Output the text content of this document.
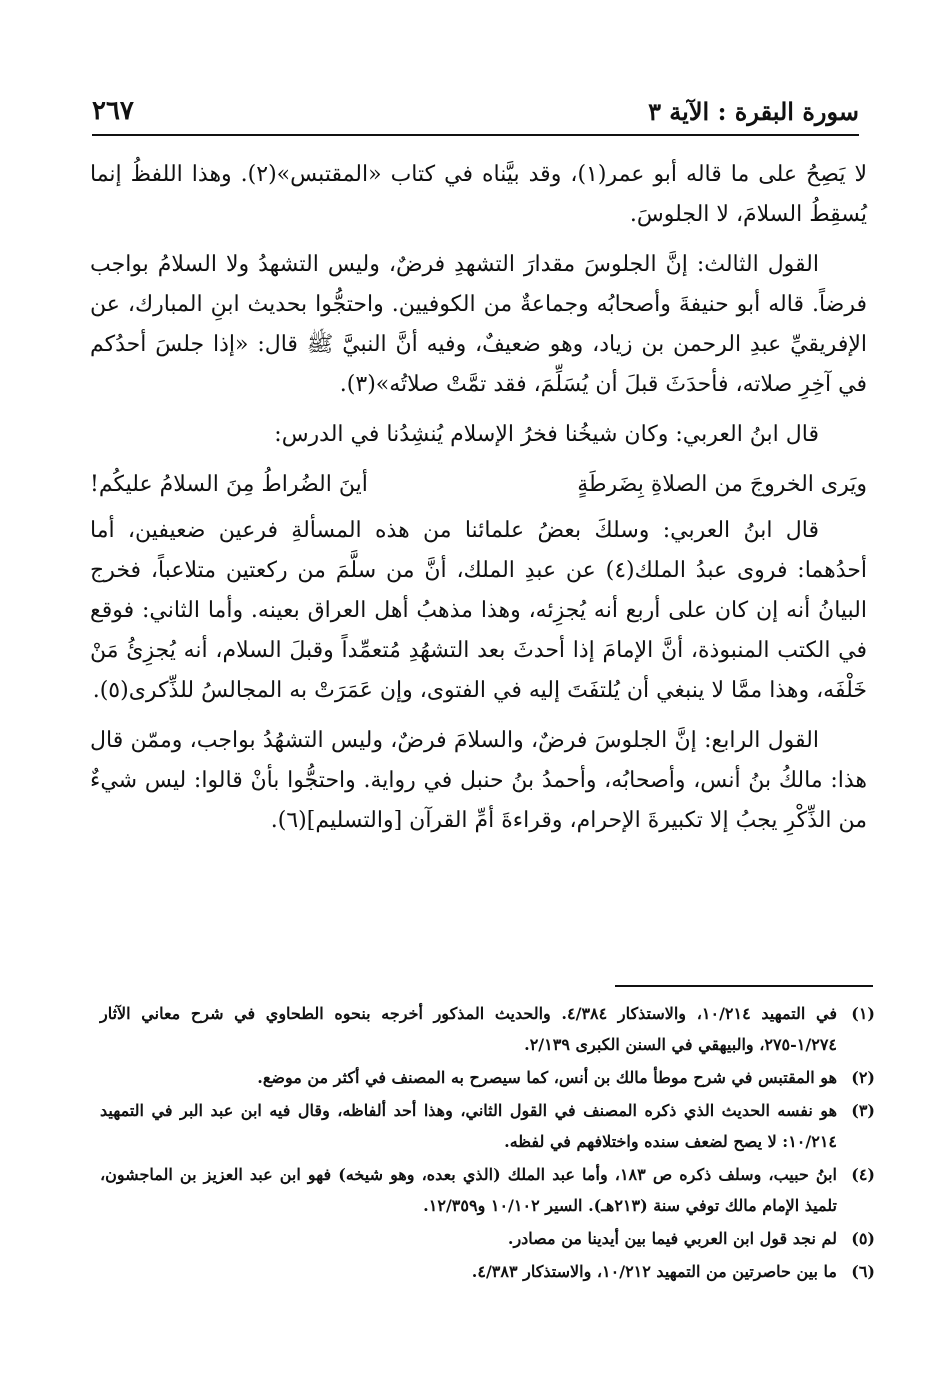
سورة البقرة : الآية ٣
٢٦٧

لا يَصِحُ على ما قاله أبو عمر(١)، وقد بيَّناه في كتاب «المقتبس»(٢). وهذا اللفظُ إنما يُسقِطُ السلامَ، لا الجلوسَ.

القول الثالث: إنَّ الجلوسَ مقدارَ التشهدِ فرضٌ، وليس التشهدُ ولا السلامُ بواجب فرضاً. قاله أبو حنيفةَ وأصحابُه وجماعةٌ من الكوفيين. واحتجُّوا بحديث ابنِ المبارك، عن الإفريقيِّ عبدِ الرحمن بن زياد، وهو ضعيفٌ، وفيه أنَّ النبيَّ ﷺ قال: «إذا جلسَ أحدُكم في آخِرِ صلاته، فأحدَثَ قبلَ أن يُسَلِّمَ، فقد تمَّتْ صلاتُه»(٣).

قال ابنُ العربي: وكان شيخُنا فخرُ الإسلام يُنشِدُنا في الدرس:

ويَرى الخروجَ من الصلاةِ بِضَرطَةٍ
أينَ الضُراطُ مِنَ السلامُ عليكُم!

قال ابنُ العربي: وسلكَ بعضُ علمائنا من هذه المسألةِ فرعين ضعيفين، أما أحدُهما: فروى عبدُ الملك(٤) عن عبدِ الملك، أنَّ من سلَّمَ من ركعتين متلاعباً، فخرج البيانُ أنه إن كان على أربع أنه يُجزِئه، وهذا مذهبُ أهل العراق بعينه. وأما الثاني: فوقع في الكتب المنبوذة، أنَّ الإمامَ إذا أحدثَ بعد التشهُدِ مُتعمِّداً وقبلَ السلام، أنه يُجزِئُ مَنْ خَلْفَه، وهذا ممَّا لا ينبغي أن يُلتفَتَ إليه في الفتوى، وإن عَمَرَتْ به المجالسُ للذِّكرى(٥).

القول الرابع: إنَّ الجلوسَ فرضٌ، والسلامَ فرضٌ، وليس التشهُدُ بواجب، وممّن قال هذا: مالكُ بنُ أنس، وأصحابُه، وأحمدُ بنُ حنبل في رواية. واحتجُّوا بأنْ قالوا: ليس شيءٌ من الذِّكْرِ يجبُ إلا تكبيرةَ الإحرام، وقراءةَ أمِّ القرآن [والتسليم](٦).

(١)
في التمهيد ١٠/٢١٤، والاستذكار ٤/٣٨٤. والحديث المذكور أخرجه بنحوه الطحاوي في شرح معاني الآثار ١/٢٧٤-٢٧٥، والبيهقي في السنن الكبرى ٢/١٣٩.
(٢)
هو المقتبس في شرح موطأ مالك بن أنس، كما سيصرح به المصنف في أكثر من موضع.
(٣)
هو نفسه الحديث الذي ذكره المصنف في القول الثاني، وهذا أحد ألفاظه، وقال فيه ابن عبد البر في التمهيد ١٠/٢١٤: لا يصح لضعف سنده واختلافهم في لفظه.
(٤)
ابنُ حبيب، وسلف ذكره ص ١٨٣، وأما عبد الملك (الذي بعده، وهو شيخه) فهو ابن عبد العزيز بن الماجشون، تلميذ الإمام مالك توفي سنة (٢١٣هـ). السير ١٠/١٠٢ و١٢/٣٥٩.
(٥)
لم نجد قول ابن العربي فيما بين أيدينا من مصادر.
(٦)
ما بين حاصرتين من التمهيد ١٠/٢١٢، والاستذكار ٤/٣٨٣.
